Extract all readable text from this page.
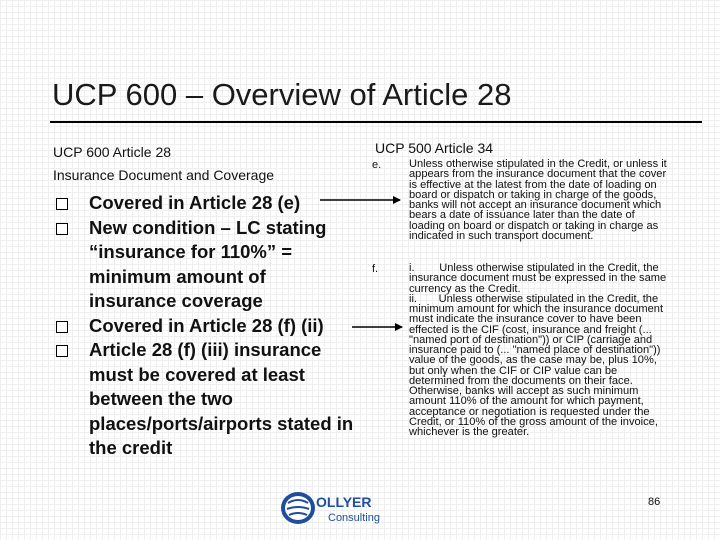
UCP 600 – Overview of Article 28
UCP 600 Article 28
Insurance Document and Coverage
Covered in Article 28 (e)
New condition – LC stating “insurance for 110%” = minimum amount of insurance coverage
Covered in Article 28 (f) (ii)
Article 28 (f) (iii) insurance must be covered at least between the two places/ports/airports stated in the credit
UCP 500 Article 34
e.
f.

Unless otherwise stipulated in the Credit, or unless it appears from the insurance document that the cover is effective at the latest from the date of loading on board or dispatch or taking in charge of the goods, banks will not accept an insurance document which bears a date of issuance later than the date of loading on board or dispatch or taking in charge as indicated in such transport document.

i.        Unless otherwise stipulated in the Credit, the insurance document must be expressed in the same currency as the Credit.

ii.       Unless otherwise stipulated in the Credit, the minimum amount for which the insurance document must indicate the insurance cover to have been effected is the CIF (cost, insurance and freight (... "named port of destination")) or CIP (carriage and insurance paid to (... "named place of destination")) value of the goods, as the case may be, plus 10%, but only when the CIF or CIP value can be determined from the documents on their face.  Otherwise, banks will accept as such minimum amount 110% of the amount for which payment, acceptance or negotiation is requested under the Credit, or 110% of the gross amount of the invoice, whichever is the greater.

OLLYER
Consulting
86
